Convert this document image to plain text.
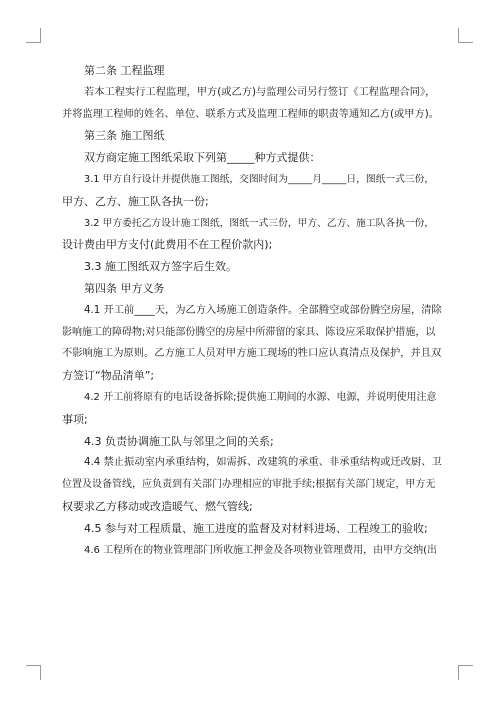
第二条 工程监理

若本工程实行工程监理，甲方(或乙方)与监理公司另行签订《工程监理合同》，

并将监理工程师的姓名、单位、联系方式及监理工程师的职责等通知乙方(或甲方)。

第三条 施工图纸

双方商定施工图纸采取下列第_____种方式提供：

3.1 甲方自行设计并提供施工图纸，交图时间为_____月_____日，图纸一式三份，

甲方、乙方、施工队各执一份;

3.2 甲方委托乙方设计施工图纸，图纸一式三份，甲方、乙方、施工队各执一份，

设计费由甲方支付(此费用不在工程价款内);

3.3 施工图纸双方签字后生效。

第四条 甲方义务

4.1 开工前____天，为乙方入场施工创造条件。全部腾空或部份腾空房屋，清除

影响施工的障碍物;对只能部份腾空的房屋中所滞留的家具、陈设应采取保护措施，以

不影响施工为原则。乙方施工人员对甲方施工现场的牲口应认真清点及保护，并且双

方签订“物品清单”;

4.2 开工前将原有的电话设备拆除;提供施工期间的水源、电源，并说明使用注意

事项;

4.3 负责协调施工队与邻里之间的关系;

4.4 禁止振动室内承重结构，如需拆、改建筑的承重、非承重结构或迁改厨、卫

位置及设备管线，应负责到有关部门办理相应的审批手续;根据有关部门规定，甲方无

权要求乙方移动或改造暖气、燃气管线;

4.5 参与对工程质量、施工进度的监督及对材料进场、工程竣工的验收;

4.6 工程所在的物业管理部门所收施工押金及各项物业管理费用，由甲方交纳(出
